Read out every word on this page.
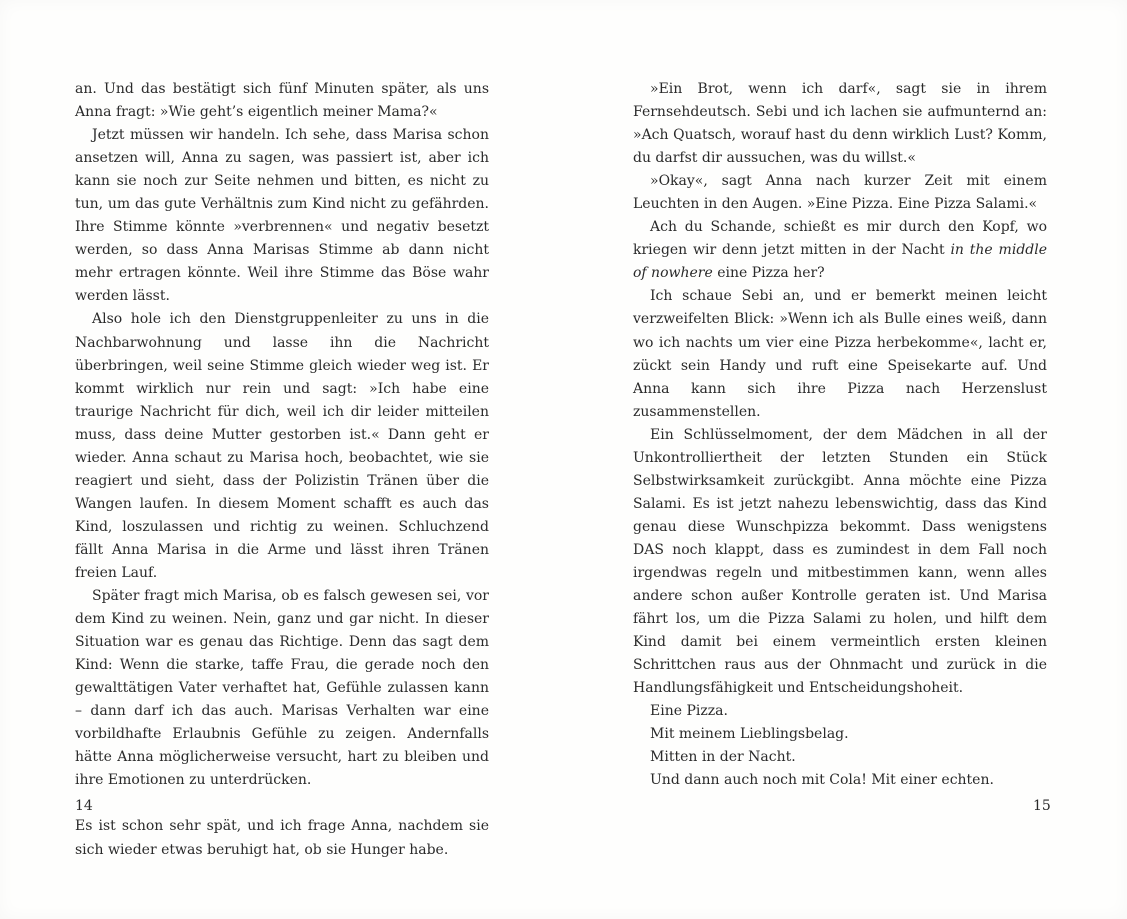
an. Und das bestätigt sich fünf Minuten später, als uns Anna fragt: »Wie geht’s eigentlich meiner Mama?«

Jetzt müssen wir handeln. Ich sehe, dass Marisa schon ansetzen will, Anna zu sagen, was passiert ist, aber ich kann sie noch zur Seite nehmen und bitten, es nicht zu tun, um das gute Verhältnis zum Kind nicht zu gefährden. Ihre Stimme könnte »verbrennen« und negativ besetzt werden, so dass Anna Marisas Stimme ab dann nicht mehr ertragen könnte. Weil ihre Stimme das Böse wahr werden lässt.

Also hole ich den Dienstgruppenleiter zu uns in die Nachbarwohnung und lasse ihn die Nachricht überbringen, weil seine Stimme gleich wieder weg ist. Er kommt wirklich nur rein und sagt: »Ich habe eine traurige Nachricht für dich, weil ich dir leider mitteilen muss, dass deine Mutter gestorben ist.« Dann geht er wieder. Anna schaut zu Marisa hoch, beobachtet, wie sie reagiert und sieht, dass der Polizistin Tränen über die Wangen laufen. In diesem Moment schafft es auch das Kind, loszulassen und richtig zu weinen. Schluchzend fällt Anna Marisa in die Arme und lässt ihren Tränen freien Lauf.

Später fragt mich Marisa, ob es falsch gewesen sei, vor dem Kind zu weinen. Nein, ganz und gar nicht. In dieser Situation war es genau das Richtige. Denn das sagt dem Kind: Wenn die starke, taffe Frau, die gerade noch den gewalttätigen Vater verhaftet hat, Gefühle zulassen kann – dann darf ich das auch. Marisas Verhalten war eine vorbildhafte Erlaubnis Gefühle zu zeigen. Andernfalls hätte Anna möglicherweise versucht, hart zu bleiben und ihre Emotionen zu unterdrücken.

Es ist schon sehr spät, und ich frage Anna, nachdem sie sich wieder etwas beruhigt hat, ob sie Hunger habe.

14

»Ein Brot, wenn ich darf«, sagt sie in ihrem Fernsehdeutsch. Sebi und ich lachen sie aufmunternd an: »Ach Quatsch, worauf hast du denn wirklich Lust? Komm, du darfst dir aussuchen, was du willst.«

»Okay«, sagt Anna nach kurzer Zeit mit einem Leuchten in den Augen. »Eine Pizza. Eine Pizza Salami.«

Ach du Schande, schießt es mir durch den Kopf, wo kriegen wir denn jetzt mitten in der Nacht in the middle of nowhere eine Pizza her?

Ich schaue Sebi an, und er bemerkt meinen leicht verzweifelten Blick: »Wenn ich als Bulle eines weiß, dann wo ich nachts um vier eine Pizza herbekomme«, lacht er, zückt sein Handy und ruft eine Speisekarte auf. Und Anna kann sich ihre Pizza nach Herzenslust zusammenstellen.

Ein Schlüsselmoment, der dem Mädchen in all der Unkontrolliertheit der letzten Stunden ein Stück Selbstwirksamkeit zurückgibt. Anna möchte eine Pizza Salami. Es ist jetzt nahezu lebenswichtig, dass das Kind genau diese Wunschpizza bekommt. Dass wenigstens DAS noch klappt, dass es zumindest in dem Fall noch irgendwas regeln und mitbestimmen kann, wenn alles andere schon außer Kontrolle geraten ist. Und Marisa fährt los, um die Pizza Salami zu holen, und hilft dem Kind damit bei einem vermeintlich ersten kleinen Schrittchen raus aus der Ohnmacht und zurück in die Handlungsfähigkeit und Entscheidungshoheit.

Eine Pizza.

Mit meinem Lieblingsbelag.

Mitten in der Nacht.

Und dann auch noch mit Cola! Mit einer echten.

15
